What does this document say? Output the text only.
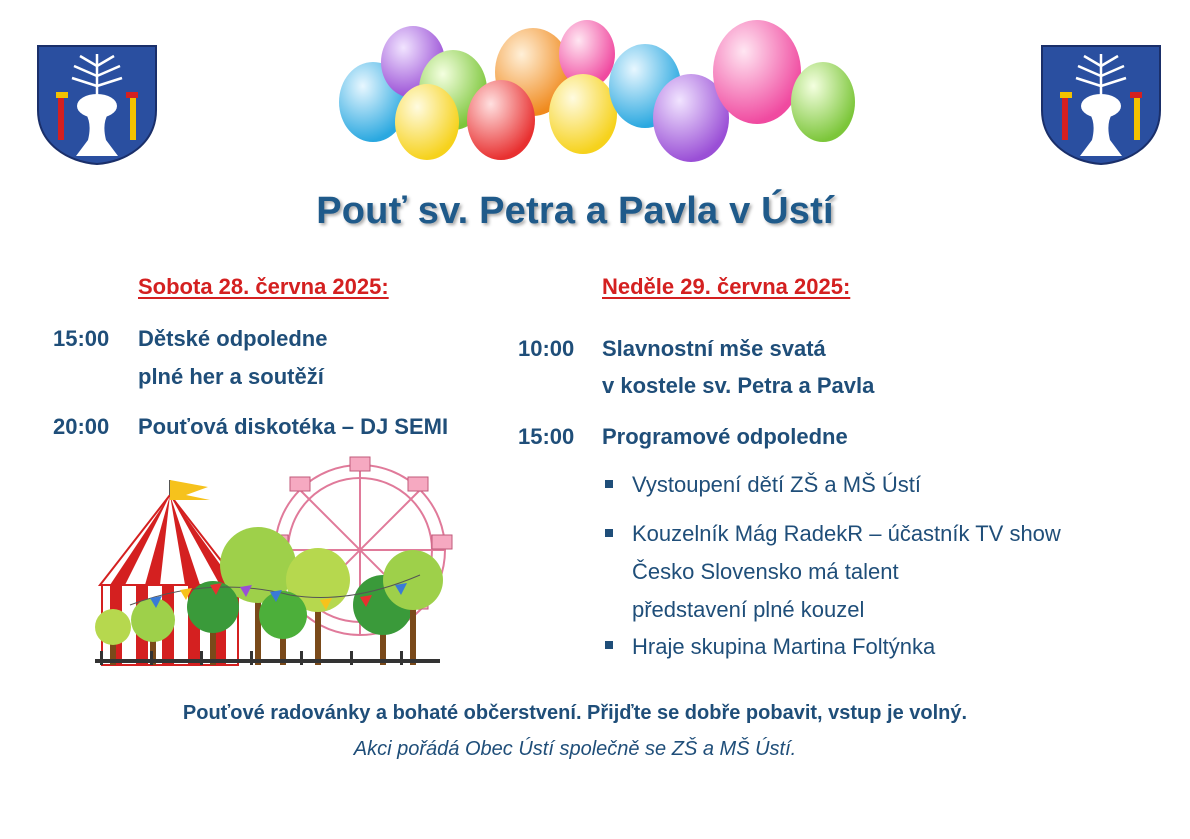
Pouť sv. Petra a Pavla v Ústí
Sobota 28. června 2025:
15:00 Dětské odpoledne
plné her a soutěží
20:00 Pouťová diskotéka – DJ SEMI
Neděle 29. června 2025:
10:00 Slavnostní mše svatá
v kostele sv. Petra a Pavla
15:00 Programové odpoledne
Vystoupení dětí ZŠ a MŠ Ústí
Kouzelník Mág RadekR – účastník TV show
Česko Slovensko má talent
představení plné kouzel
Hraje skupina Martina Foltýnka
Pouťové radovánky a bohaté občerstvení. Přijďte se dobře pobavit, vstup je volný.
Akci pořádá Obec Ústí společně se ZŠ a MŠ Ústí.
